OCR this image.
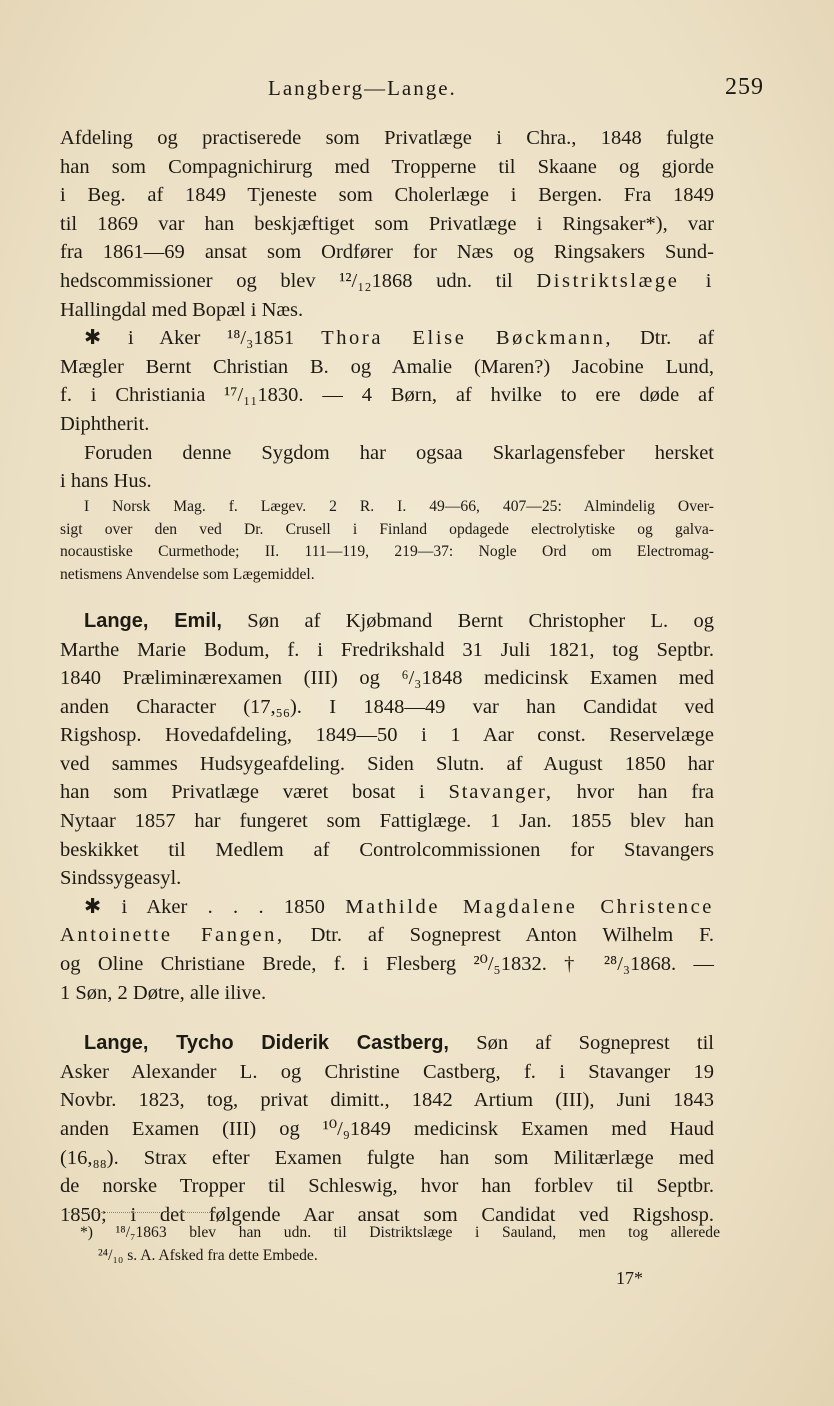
Langberg—Lange.	259
Afdeling og practiserede som Privatlæge i Chra., 1848 fulgte
han som Compagnichirurg med Tropperne til Skaane og gjorde
i Beg. af 1849 Tjeneste som Cholerlæge i Bergen. Fra 1849
til 1869 var han beskjæftiget som Privatlæge i Ringsaker*), var
fra 1861—69 ansat som Ordfører for Næs og Ringsakers Sund-
hedscommissioner og blev ¹²/₁₂1868 udn. til Distriktslæge i
Hallingdal med Bopæl i Næs.
✱ i Aker ¹⁸/₃1851 Thora Elise Bøckmann, Dtr. af
Mægler Bernt Christian B. og Amalie (Maren?) Jacobine Lund,
f. i Christiania ¹⁷/₁₁1830. — 4 Børn, af hvilke to ere døde af
Diphtherit.
Foruden denne Sygdom har ogsaa Skarlagensfeber hersket
i hans Hus.
I Norsk Mag. f. Lægev. 2 R. I. 49—66, 407—25: Almindelig Over-
sigt over den ved Dr. Crusell i Finland opdagede electrolytiske og galva-
nocaustiske Curmethode; II. 111—119, 219—37: Nogle Ord om Electromag-
netismens Anvendelse som Lægemiddel.
Lange, Emil, Søn af Kjøbmand Bernt Christopher L. og
Marthe Marie Bodum, f. i Fredrikshald 31 Juli 1821, tog Septbr.
1840 Præliminærexamen (III) og ⁶/₃1848 medicinsk Examen med
anden Character (17,₅₆). I 1848—49 var han Candidat ved
Rigshosp. Hovedafdeling, 1849—50 i 1 Aar const. Reservelæge
ved sammes Hudsygeafdeling. Siden Slutn. af August 1850 har
han som Privatlæge været bosat i Stavanger, hvor han fra
Nytaar 1857 har fungeret som Fattiglæge. 1 Jan. 1855 blev han
beskikket til Medlem af Controlcommissionen for Stavangers
Sindssygeasyl.
✱ i Aker . . . 1850 Mathilde Magdalene Christence
Antoinette Fangen, Dtr. af Sogneprest Anton Wilhelm F.
og Oline Christiane Brede, f. i Flesberg ²⁰/₅1832. † ²⁸/₃1868. —
1 Søn, 2 Døtre, alle ilive.
Lange, Tycho Diderik Castberg, Søn af Sogneprest til
Asker Alexander L. og Christine Castberg, f. i Stavanger 19
Novbr. 1823, tog, privat dimitt., 1842 Artium (III), Juni 1843
anden Examen (III) og ¹⁰/₉1849 medicinsk Examen med Haud
(16,₈₈). Strax efter Examen fulgte han som Militærlæge med
de norske Tropper til Schleswig, hvor han forblev til Septbr.
1850; i det følgende Aar ansat som Candidat ved Rigshosp.
*) ¹⁸/₇1863 blev han udn. til Distriktslæge i Sauland, men tog allerede
²⁴/₁₀ s. A. Afsked fra dette Embede.
17*
